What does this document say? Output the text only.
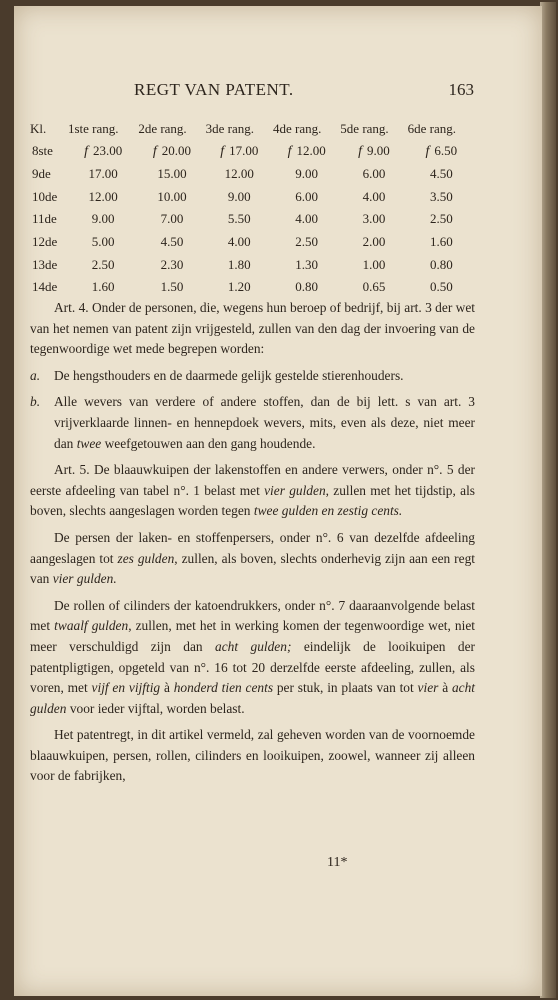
REGT VAN PATENT.	163
Kl.	1ste rang.	2de rang.	3de rang.	4de rang.	5de rang.	6de rang.
8ste	f 23.00	f 20.00	f 17.00	f 12.00	f 9.00	f 6.50
9de	17.00	15.00	12.00	9.00	6.00	4.50
10de	12.00	10.00	9.00	6.00	4.00	3.50
11de	9.00	7.00	5.50	4.00	3.00	2.50
12de	5.00	4.50	4.00	2.50	2.00	1.60
13de	2.50	2.30	1.80	1.30	1.00	0.80
14de	1.60	1.50	1.20	0.80	0.65	0.50

Art. 4. Onder de personen, die, wegens hun beroep of bedrijf, bij art. 3 der wet van het nemen van patent zijn vrijgesteld, zullen van den dag der invoering van de tegenwoordige wet mede begrepen worden:

a. De hengsthouders en de daarmede gelijk gestelde stierenhouders.

b. Alle wevers van verdere of andere stoffen, dan de bij lett. s van art. 3 vrijverklaarde linnen- en hennepdoek wevers, mits, even als deze, niet meer dan twee weefgetouwen aan den gang houdende.

Art. 5. De blaauwkuipen der lakenstoffen en andere verwers, onder n°. 5 der eerste afdeeling van tabel n°. 1 belast met vier gulden, zullen met het tijdstip, als boven, slechts aangeslagen worden tegen twee gulden en zestig cents.

De persen der laken- en stoffenpersers, onder n°. 6 van dezelfde afdeeling aangeslagen tot zes gulden, zullen, als boven, slechts onderhevig zijn aan een regt van vier gulden.

De rollen of cilinders der katoendrukkers, onder n°. 7 daaraanvolgende belast met twaalf gulden, zullen, met het in werking komen der tegenwoordige wet, niet meer verschuldigd zijn dan acht gulden; eindelijk de looikuipen der patentpligtigen, opgeteld van n°. 16 tot 20 derzelfde eerste afdeeling, zullen, als voren, met vijf en vijftig à honderd tien cents per stuk, in plaats van tot vier à acht gulden voor ieder vijftal, worden belast.

Het patentregt, in dit artikel vermeld, zal geheven worden van de voornoemde blaauwkuipen, persen, rollen, cilinders en looikuipen, zoowel, wanneer zij alleen voor de fabrijken,

11*
